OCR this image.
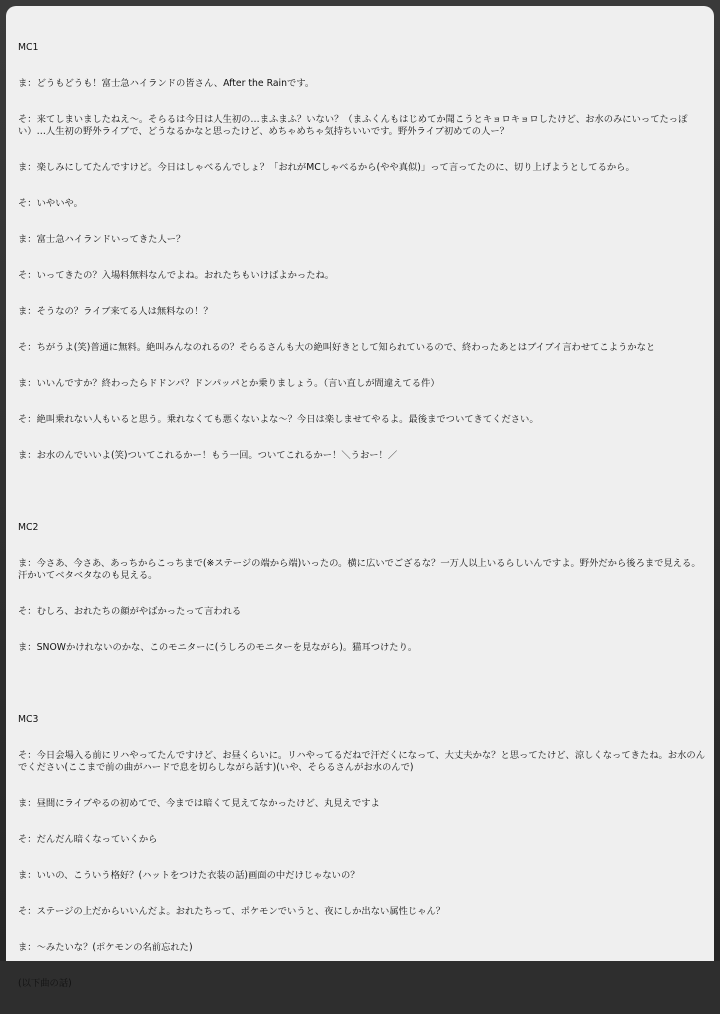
MC1

ま：どうもどうも！富士急ハイランドの皆さん、After the Rainです。

そ：来てしまいましたねえ〜。そらるは今日は人生初の…まふまふ？いない？（まふくんもはじめてか聞こうとキョロキョロしたけど、お水のみにいってたっぽい）…人生初の野外ライブで、どうなるかなと思ったけど、めちゃめちゃ気持ちいいです。野外ライブ初めての人ー？

ま：楽しみにしてたんですけど。今日はしゃべるんでしょ？「おれがMCしゃべるから(やや真似)」って言ってたのに、切り上げようとしてるから。

そ：いやいや。

ま：富士急ハイランドいってきた人ー？

そ：いってきたの？入場料無料なんでよね。おれたちもいけばよかったね。

ま：そうなの？ライブ来てる人は無料なの！？

そ：ちがうよ(笑)普通に無料。絶叫みんなのれるの？そらるさんも大の絶叫好きとして知られているので、終わったあとはブイブイ言わせてこようかなと

ま：いいんですか？終わったらドドンパ？ドンパッパとか乗りましょう。（言い直しが間違えてる件）

そ：絶叫乗れない人もいると思う。乗れなくても悪くないよな〜？今日は楽しませてやるよ。最後までついてきてください。

ま：お水のんでいいよ(笑)ついてこれるかー！もう一回。ついてこれるかー！＼うおー！／

MC2

ま：今さあ、今さあ、あっちからこっちまで(※ステージの端から端)いったの。横に広いでござるな？一万人以上いるらしいんですよ。野外だから後ろまで見える。汗かいてベタベタなのも見える。

そ：むしろ、おれたちの顔がやばかったって言われる

ま：SNOWかけれないのかな、このモニターに(うしろのモニターを見ながら)。猫耳つけたり。

MC3

そ：今日会場入る前にリハやってたんですけど、お昼くらいに。リハやってるだねで汗だくになって、大丈夫かな？と思ってたけど、涼しくなってきたね。お水のんでください(ここまで前の曲がハードで息を切らしながら話す)(いや、そらるさんがお水のんで)

ま：昼間にライブやるの初めてで、今までは暗くて見えてなかったけど、丸見えですよ

そ：だんだん暗くなっていくから

ま：いいの、こういう格好？(ハットをつけた衣装の話)画面の中だけじゃないの？

そ：ステージの上だからいいんだよ。おれたちって、ポケモンでいうと、夜にしか出ない属性じゃん？

ま：〜みたいな？(ポケモンの名前忘れた)

(以下曲の話)
